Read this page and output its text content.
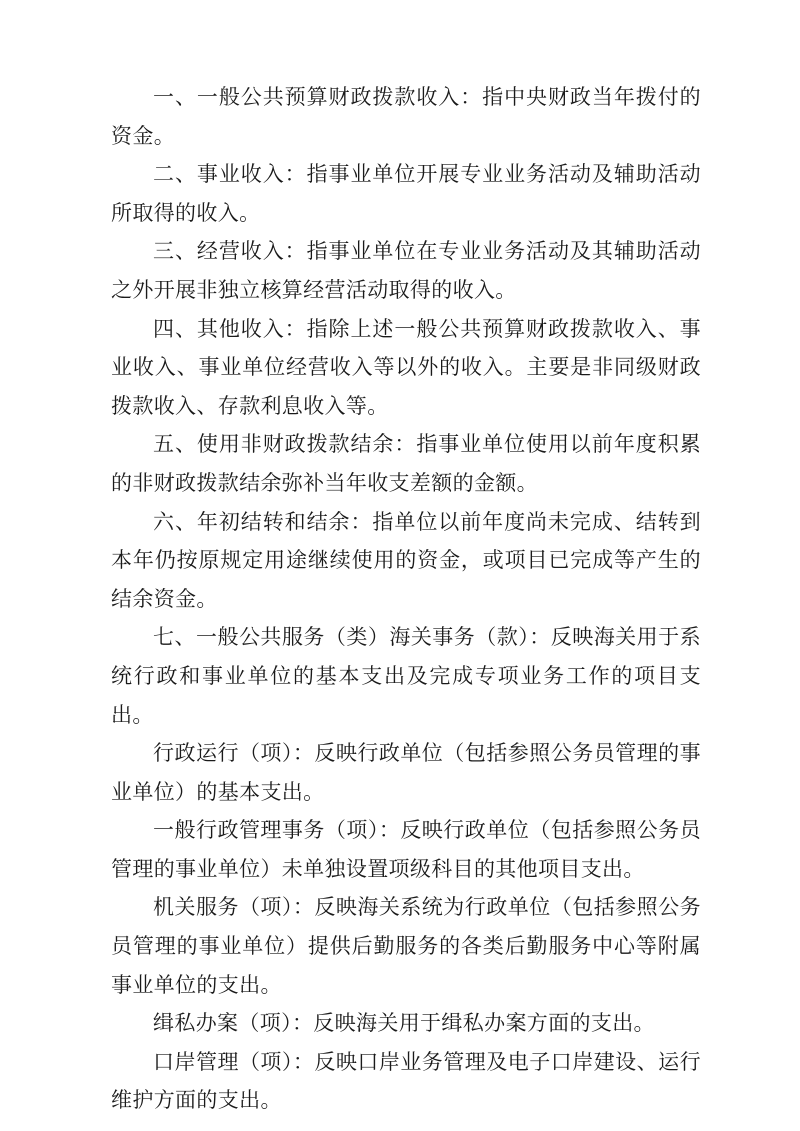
一、一般公共预算财政拨款收入：指中央财政当年拨付的资金。

二、事业收入：指事业单位开展专业业务活动及辅助活动所取得的收入。

三、经营收入：指事业单位在专业业务活动及其辅助活动之外开展非独立核算经营活动取得的收入。

四、其他收入：指除上述一般公共预算财政拨款收入、事业收入、事业单位经营收入等以外的收入。主要是非同级财政拨款收入、存款利息收入等。

五、使用非财政拨款结余：指事业单位使用以前年度积累的非财政拨款结余弥补当年收支差额的金额。

六、年初结转和结余：指单位以前年度尚未完成、结转到本年仍按原规定用途继续使用的资金，或项目已完成等产生的结余资金。

七、一般公共服务（类）海关事务（款）：反映海关用于系统行政和事业单位的基本支出及完成专项业务工作的项目支出。

行政运行（项）：反映行政单位（包括参照公务员管理的事业单位）的基本支出。

一般行政管理事务（项）：反映行政单位（包括参照公务员管理的事业单位）未单独设置项级科目的其他项目支出。

机关服务（项）：反映海关系统为行政单位（包括参照公务员管理的事业单位）提供后勤服务的各类后勤服务中心等附属事业单位的支出。

缉私办案（项）：反映海关用于缉私办案方面的支出。

口岸管理（项）：反映口岸业务管理及电子口岸建设、运行维护方面的支出。
